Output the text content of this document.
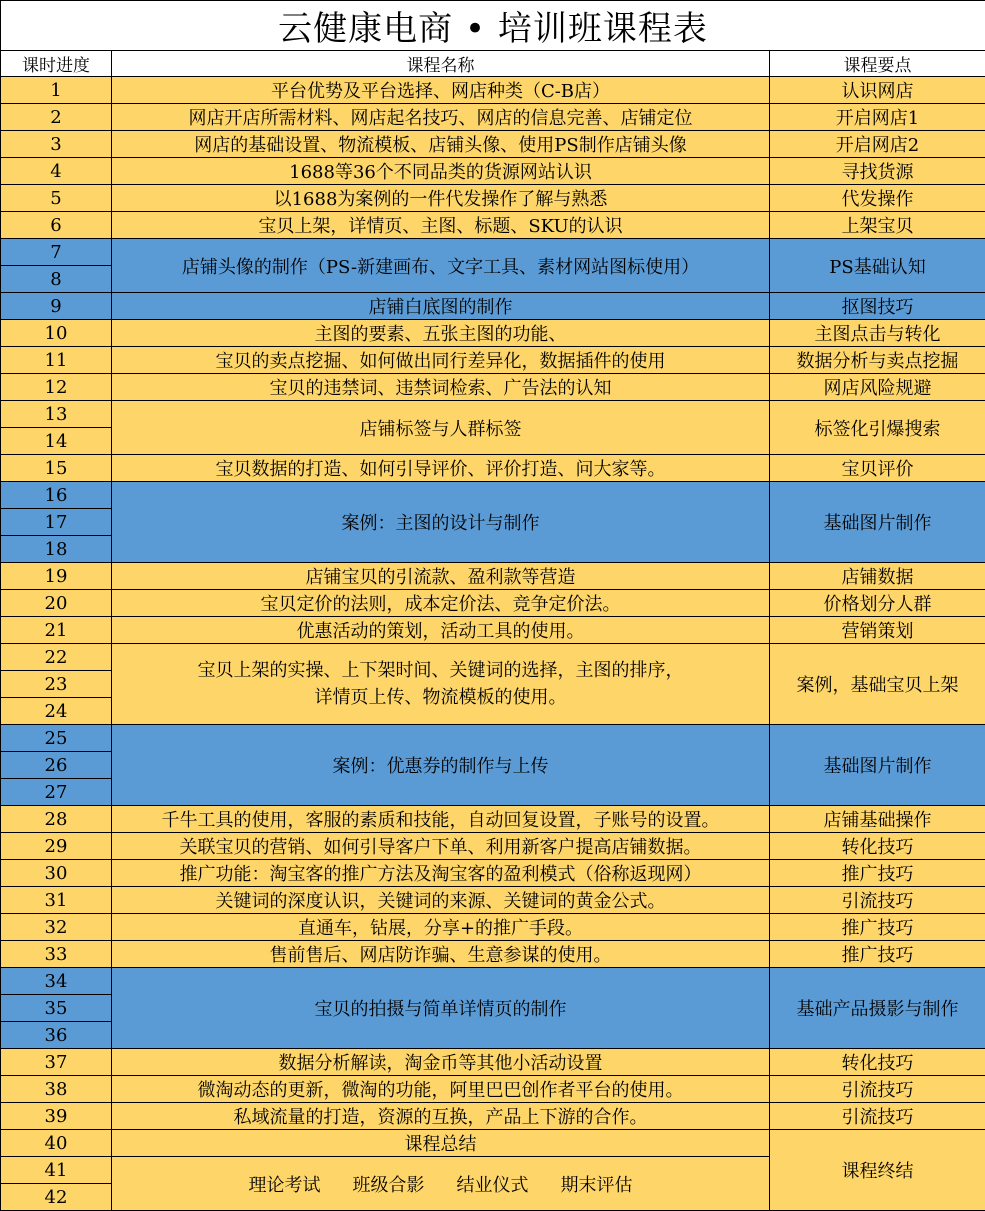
云健康电商 • 培训班课程表		
课时进度	课程名称	课程要点
1	平台优势及平台选择、网店种类（C-B店）	认识网店
2	网店开店所需材料、网店起名技巧、网店的信息完善、店铺定位	开启网店1
3	网店的基础设置、物流模板、店铺头像、使用PS制作店铺头像	开启网店2
4	1688等36个不同品类的货源网站认识	寻找货源
5	以1688为案例的一件代发操作了解与熟悉	代发操作
6	宝贝上架，详情页、主图、标题、SKU的认识	上架宝贝
7	店铺头像的制作（PS-新建画布、文字工具、素材网站图标使用）	PS基础认知
8		
9	店铺白底图的制作	抠图技巧
10	主图的要素、五张主图的功能、	主图点击与转化
11	宝贝的卖点挖掘、如何做出同行差异化，数据插件的使用	数据分析与卖点挖掘
12	宝贝的违禁词、违禁词检索、广告法的认知	网店风险规避
13	店铺标签与人群标签	标签化引爆搜索
14		
15	宝贝数据的打造、如何引导评价、评价打造、问大家等。	宝贝评价
16	案例：主图的设计与制作	基础图片制作
17		
18		
19	店铺宝贝的引流款、盈利款等营造	店铺数据
20	宝贝定价的法则，成本定价法、竞争定价法。	价格划分人群
21	优惠活动的策划，活动工具的使用。	营销策划
22	宝贝上架的实操、上下架时间、关键词的选择，主图的排序，
详情页上传、物流模板的使用。	案例，基础宝贝上架
23		
24		
25	案例：优惠券的制作与上传	基础图片制作
26		
27		
28	千牛工具的使用，客服的素质和技能，自动回复设置，子账号的设置。	店铺基础操作
29	关联宝贝的营销、如何引导客户下单、利用新客户提高店铺数据。	转化技巧
30	推广功能：淘宝客的推广方法及淘宝客的盈利模式（俗称返现网）	推广技巧
31	关键词的深度认识，关键词的来源、关键词的黄金公式。	引流技巧
32	直通车，钻展，分享+的推广手段。	推广技巧
33	售前售后、网店防诈骗、生意参谋的使用。	推广技巧
34	宝贝的拍摄与简单详情页的制作	基础产品摄影与制作
35		
36		
37	数据分析解读，淘金币等其他小活动设置	转化技巧
38	微淘动态的更新，微淘的功能，阿里巴巴创作者平台的使用。	引流技巧
39	私域流量的打造，资源的互换，产品上下游的合作。	引流技巧
40	课程总结	课程终结
41	理论考试 班级合影 结业仪式 期末评估	
42		
